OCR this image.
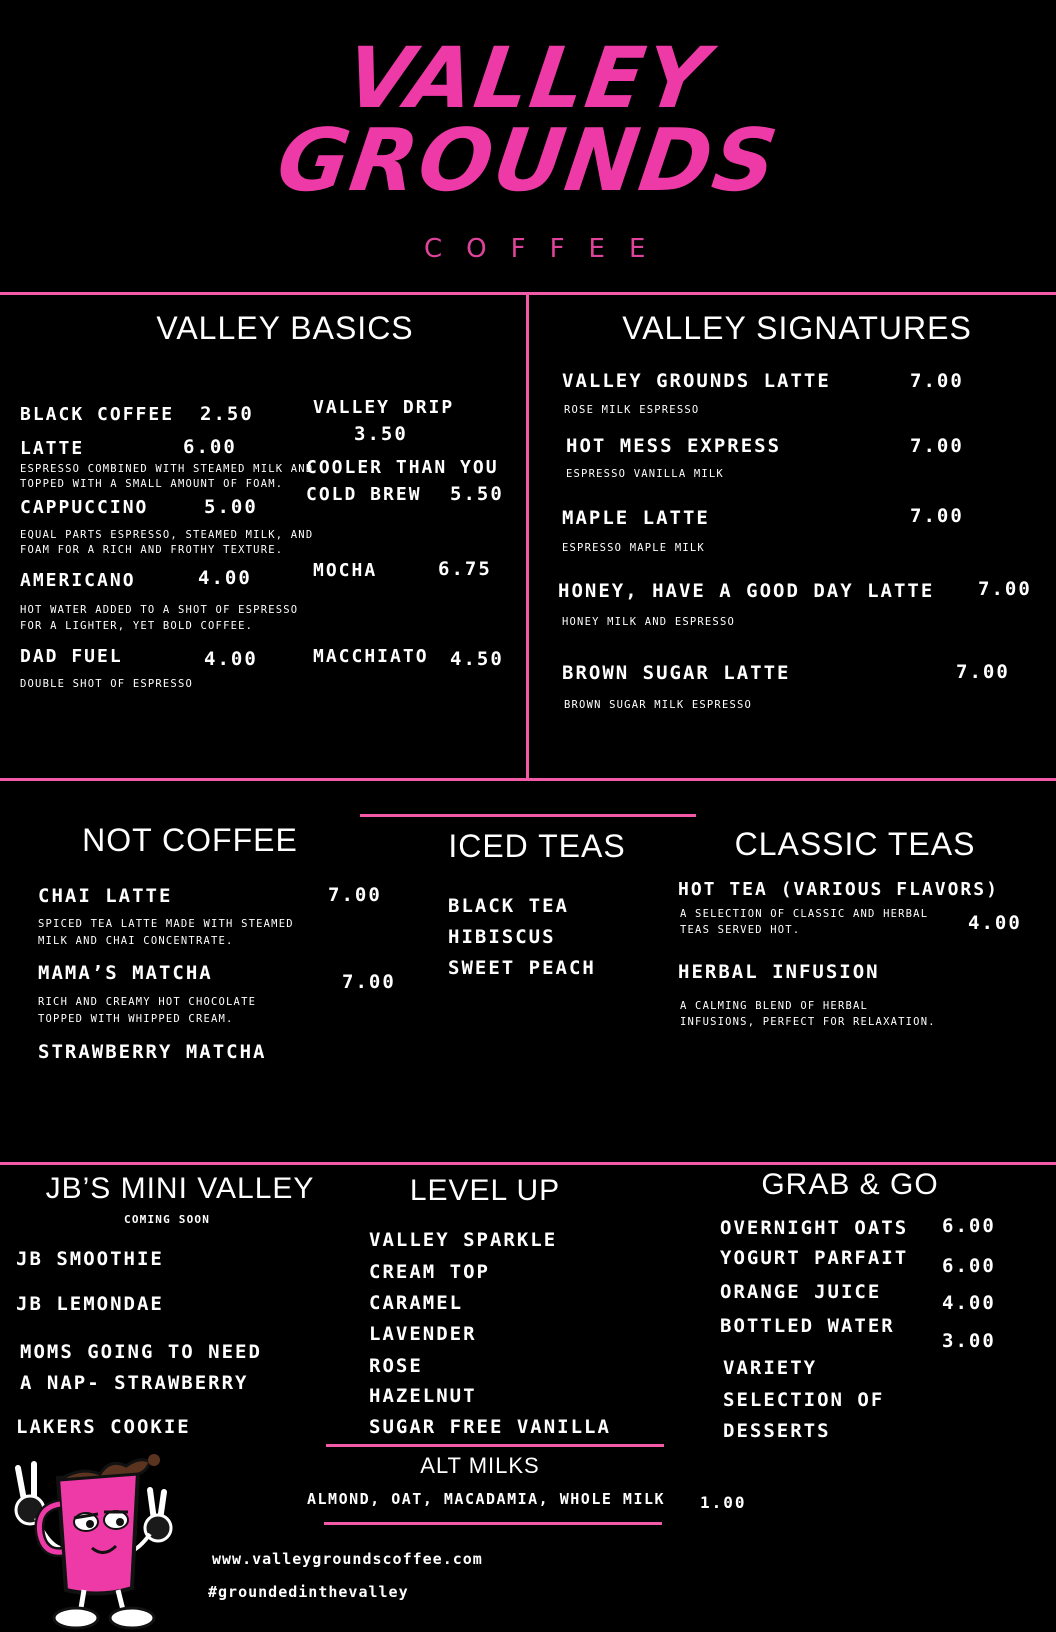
VALLEY
GROUNDS
COFFEE
VALLEY BASICS
BLACK COFFEE 2.50
LATTE	6.00
ESPRESSO COMBINED WITH STEAMED MILK AND
TOPPED WITH A SMALL AMOUNT OF FOAM.
CAPPUCCINO	5.00
EQUAL PARTS ESPRESSO, STEAMED MILK, AND
FOAM FOR A RICH AND FROTHY TEXTURE.
AMERICANO	4.00
HOT WATER ADDED TO A SHOT OF ESPRESSO
FOR A LIGHTER, YET BOLD COFFEE.
DAD FUEL	4.00
DOUBLE SHOT OF ESPRESSO
VALLEY DRIP
3.50
COOLER THAN YOU
COLD BREW 5.50
MOCHA	6.75
MACCHIATO 4.50
VALLEY SIGNATURES
VALLEY GROUNDS LATTE	7.00
ROSE MILK ESPRESSO
HOT MESS EXPRESS	7.00
ESPRESSO VANILLA MILK
MAPLE LATTE	7.00
ESPRESSO MAPLE MILK
HONEY, HAVE A GOOD DAY LATTE 7.00
HONEY MILK AND ESPRESSO
BROWN SUGAR LATTE	7.00
BROWN SUGAR MILK ESPRESSO
NOT COFFEE
CHAI LATTE	7.00
SPICED TEA LATTE MADE WITH STEAMED
MILK AND CHAI CONCENTRATE.
MAMA’S MATCHA	7.00
RICH AND CREAMY HOT CHOCOLATE
TOPPED WITH WHIPPED CREAM.
STRAWBERRY MATCHA
ICED TEAS
BLACK TEA
HIBISCUS
SWEET PEACH
CLASSIC TEAS
HOT TEA (VARIOUS FLAVORS)
4.00
A SELECTION OF CLASSIC AND HERBAL
TEAS SERVED HOT.
HERBAL INFUSION
A CALMING BLEND OF HERBAL
INFUSIONS, PERFECT FOR RELAXATION.
JB’S MINI VALLEY
COMING SOON
JB SMOOTHIE
JB LEMONDAE
MOMS GOING TO NEED
A NAP- STRAWBERRY
LAKERS COOKIE
LEVEL UP
VALLEY SPARKLE
CREAM TOP
CARAMEL
LAVENDER
ROSE
HAZELNUT
SUGAR FREE VANILLA
GRAB & GO
OVERNIGHT OATS 6.00
YOGURT PARFAIT 6.00
ORANGE JUICE	4.00
BOTTLED WATER
3.00
VARIETY
SELECTION OF
DESSERTS
ALT MILKS
ALMOND, OAT, MACADAMIA, WHOLE MILK 1.00
www.valleygroundscoffee.com
#groundedinthevalley
